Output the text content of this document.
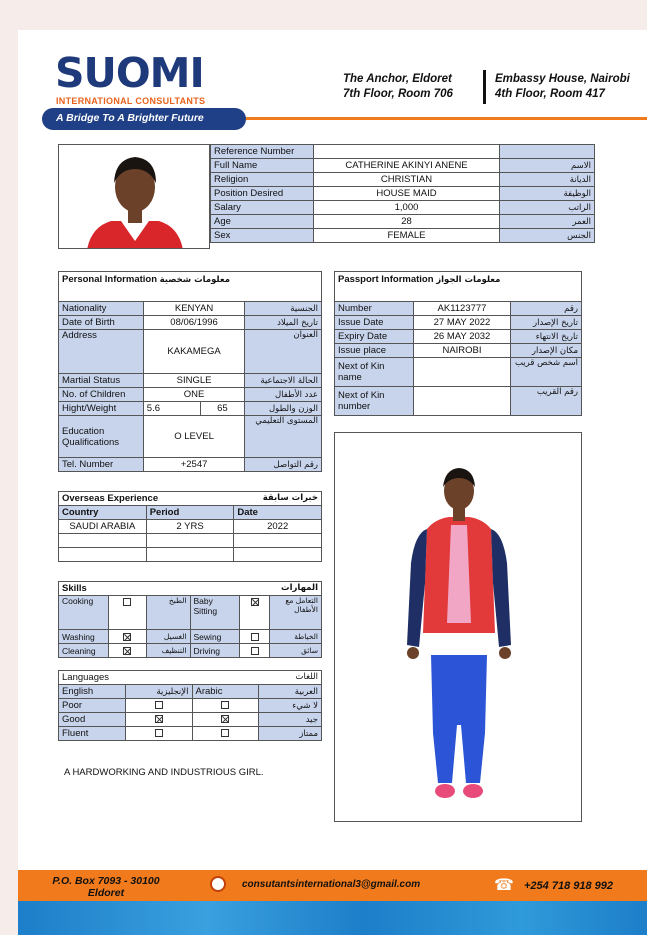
SUOMI
INTERNATIONAL CONSULTANTS
A Bridge To A Brighter Future
The Anchor, Eldoret
7th Floor, Room 706
Embassy House, Nairobi
4th Floor, Room 417
Reference Number		
Full Name	CATHERINE AKINYI ANENE	الاسم
Religion	CHRISTIAN	الديانة
Position Desired	HOUSE MAID	الوظيفة
Salary	1,000	الراتب
Age	28	العمر
Sex	FEMALE	الجنس
Personal Information معلومات شخصية			
Nationality	KENYAN		الجنسية
Date of Birth	08/06/1996		تاريخ الميلاد
Address	KAKAMEGA		العنوان
Martial Status	SINGLE		الحالة الاجتماعية
No. of Children	ONE		عدد الأطفال
Hight/Weight	5.6	65	الوزن والطول
Education Qualifications	O LEVEL		المستوى التعليمي
Tel. Number	+2547		رقم التواصل
Passport Information معلومات الجواز		
Number	AK1123777	رقم
Issue Date	27 MAY 2022	تاريخ الإصدار
Expiry Date	26 MAY 2032	تاريخ الانتهاء
Issue place	NAIROBI	مكان الإصدار
Next of Kin name		اسم شخص قريب
Next of Kin number		رقم القريب
Overseas Experience خبرات سابقة		

Country	Period	Date
SAUDI ARABIA	2 YRS	2022

Skills المهارات					

Cooking		الطبخ	Baby Sitting		التعامل مع الأطفال
Washing		الغسيل	Sewing		الخياطة
Cleaning		التنظيف	Driving		سائق
Languages اللغات			

English	الإنجليزية	Arabic	العربية
Poor			لا شيء
Good			جيد
Fluent			ممتاز
A HARDWORKING AND INDUSTRIOUS GIRL.
P.O. Box 7093 - 30100
Eldoret
consutantsinternational3@gmail.com	☎ +254 718 918 992
